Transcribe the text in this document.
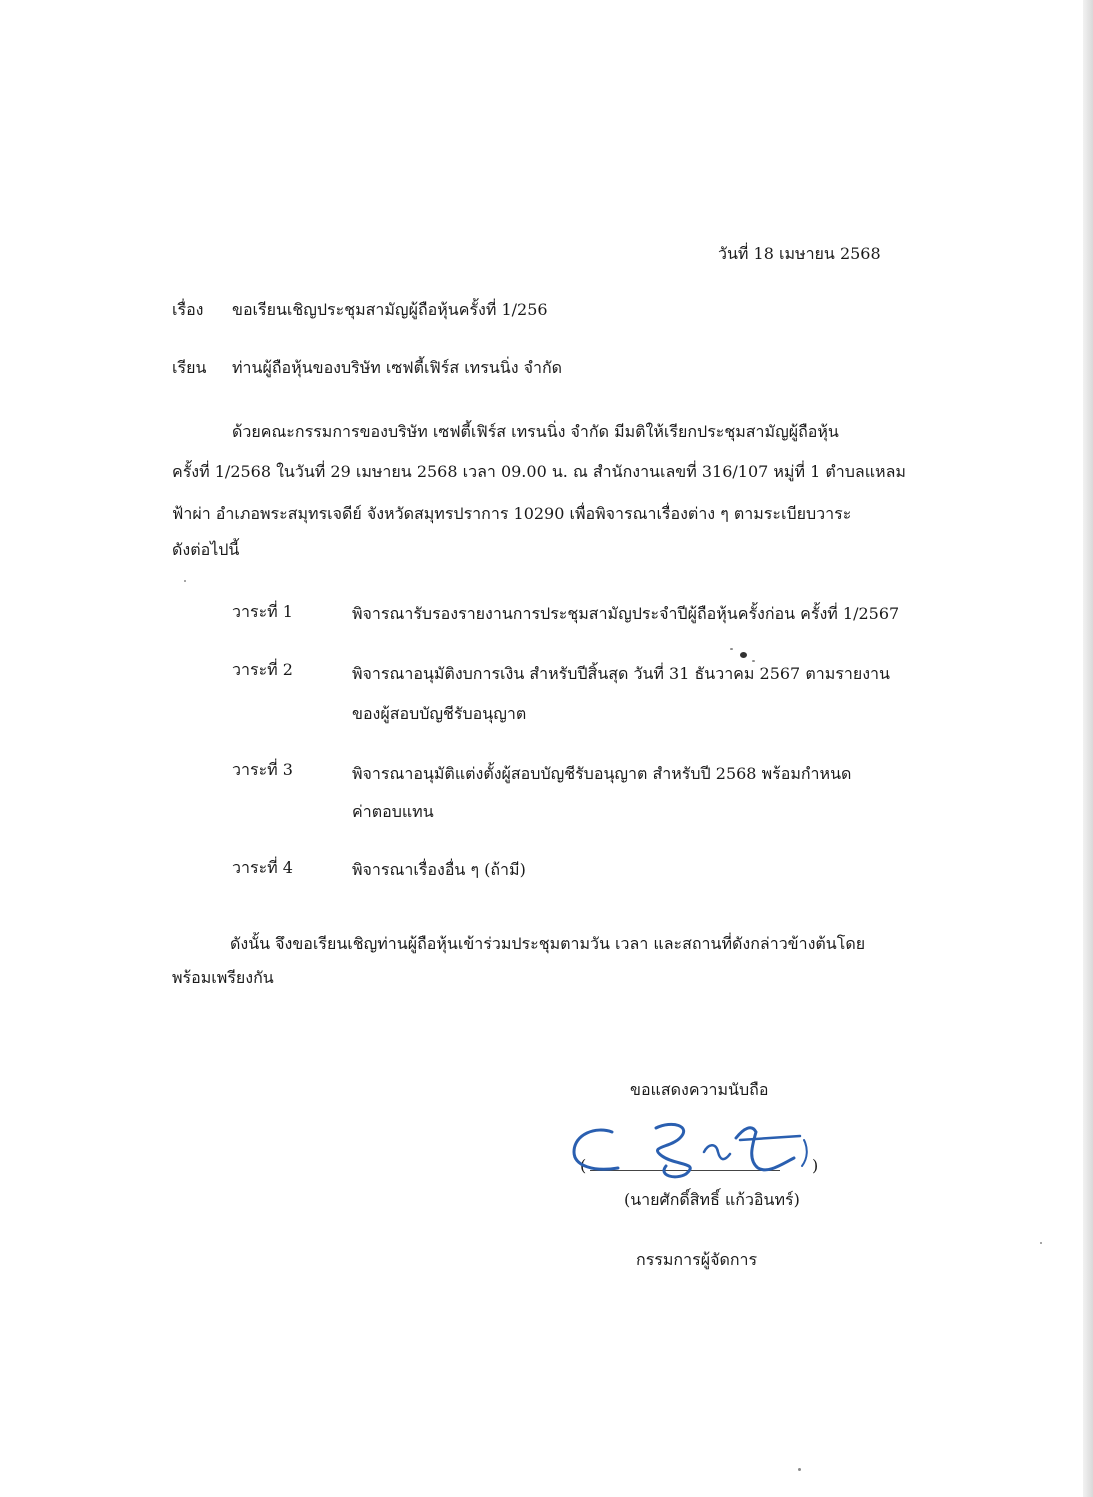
วันที่ 18 เมษายน 2568
เรื่อง ขอเรียนเชิญประชุมสามัญผู้ถือหุ้นครั้งที่ 1/256
เรียน ท่านผู้ถือหุ้นของบริษัท เซฟตี้เฟิร์ส เทรนนิ่ง จำกัด
ด้วยคณะกรรมการของบริษัท เซฟตี้เฟิร์ส เทรนนิ่ง จำกัด มีมติให้เรียกประชุมสามัญผู้ถือหุ้น
ครั้งที่ 1/2568 ในวันที่ 29 เมษายน 2568 เวลา 09.00 น. ณ สำนักงานเลขที่ 316/107 หมู่ที่ 1 ตำบลแหลม
ฟ้าผ่า อำเภอพระสมุทรเจดีย์ จังหวัดสมุทรปราการ 10290 เพื่อพิจารณาเรื่องต่าง ๆ ตามระเบียบวาระ
ดังต่อไปนี้
วาระที่ 1	พิจารณารับรองรายงานการประชุมสามัญประจำปีผู้ถือหุ้นครั้งก่อน ครั้งที่ 1/2567
วาระที่ 2	พิจารณาอนุมัติงบการเงิน สำหรับปีสิ้นสุด วันที่ 31 ธันวาคม 2567 ตามรายงาน
ของผู้สอบบัญชีรับอนุญาต
วาระที่ 3	พิจารณาอนุมัติแต่งตั้งผู้สอบบัญชีรับอนุญาต สำหรับปี 2568 พร้อมกำหนด
ค่าตอบแทน
วาระที่ 4	พิจารณาเรื่องอื่น ๆ (ถ้ามี)
ดังนั้น จึงขอเรียนเชิญท่านผู้ถือหุ้นเข้าร่วมประชุมตามวัน เวลา และสถานที่ดังกล่าวข้างต้นโดย
พร้อมเพรียงกัน
ขอแสดงความนับถือ
(	)
(นายศักดิ์สิทธิ์ แก้วอินทร์)
กรรมการผู้จัดการ
